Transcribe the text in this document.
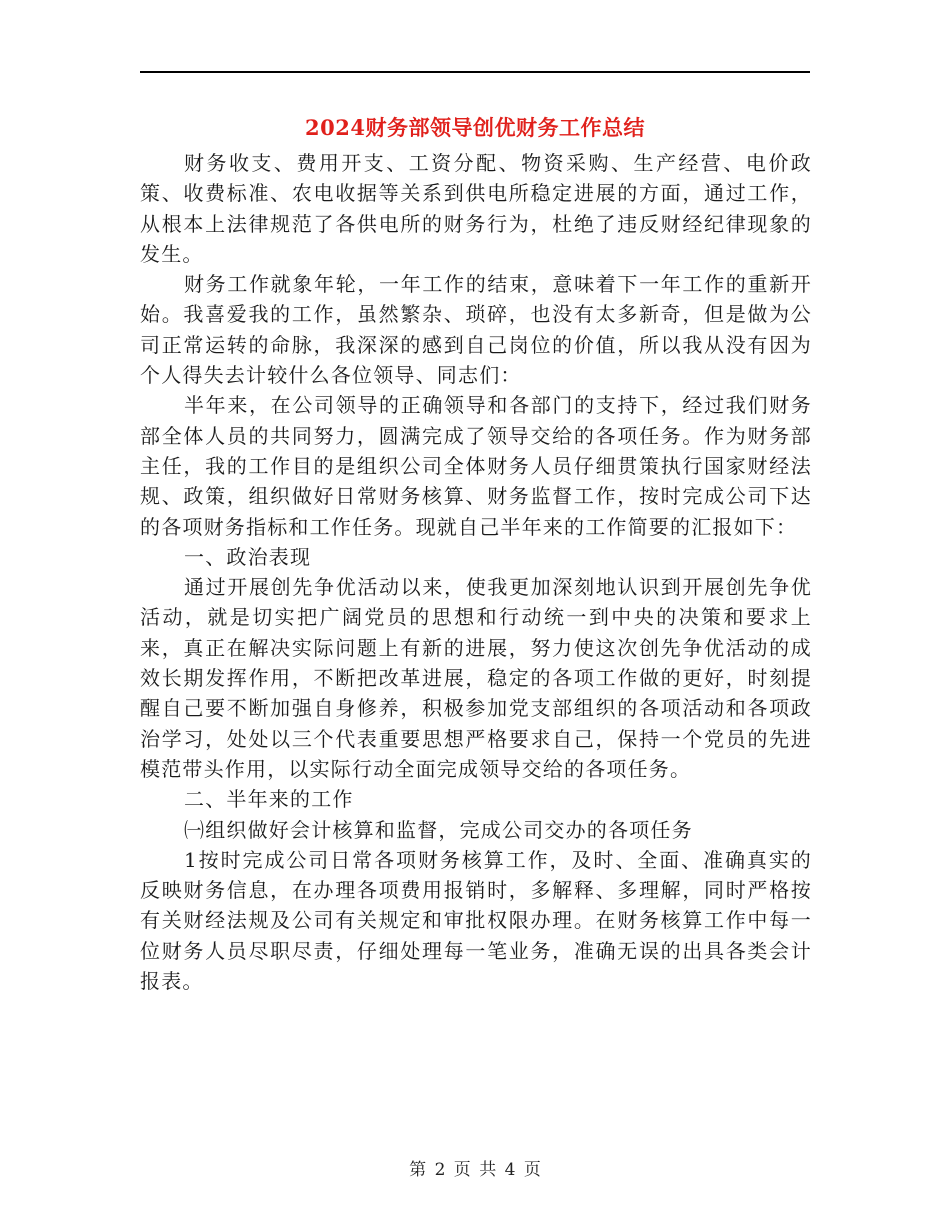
2024财务部领导创优财务工作总结

财务收支、费用开支、工资分配、物资采购、生产经营、电价政策、收费标准、农电收据等关系到供电所稳定进展的方面，通过工作，从根本上法律规范了各供电所的财务行为，杜绝了违反财经纪律现象的发生。

财务工作就象年轮，一年工作的结束，意味着下一年工作的重新开始。我喜爱我的工作，虽然繁杂、琐碎，也没有太多新奇，但是做为公司正常运转的命脉，我深深的感到自己岗位的价值，所以我从没有因为个人得失去计较什么各位领导、同志们：

半年来，在公司领导的正确领导和各部门的支持下，经过我们财务部全体人员的共同努力，圆满完成了领导交给的各项任务。作为财务部主任，我的工作目的是组织公司全体财务人员仔细贯策执行国家财经法规、政策，组织做好日常财务核算、财务监督工作，按时完成公司下达的各项财务指标和工作任务。现就自己半年来的工作简要的汇报如下：

一、政治表现

通过开展创先争优活动以来，使我更加深刻地认识到开展创先争优活动，就是切实把广阔党员的思想和行动统一到中央的决策和要求上来，真正在解决实际问题上有新的进展，努力使这次创先争优活动的成效长期发挥作用，不断把改革进展，稳定的各项工作做的更好，时刻提醒自己要不断加强自身修养，积极参加党支部组织的各项活动和各项政治学习，处处以三个代表重要思想严格要求自己，保持一个党员的先进模范带头作用，以实际行动全面完成领导交给的各项任务。

二、半年来的工作

㈠组织做好会计核算和监督，完成公司交办的各项任务

1按时完成公司日常各项财务核算工作，及时、全面、准确真实的反映财务信息，在办理各项费用报销时，多解释、多理解，同时严格按有关财经法规及公司有关规定和审批权限办理。在财务核算工作中每一位财务人员尽职尽责，仔细处理每一笔业务，准确无误的出具各类会计报表。

第 2 页 共 4 页
